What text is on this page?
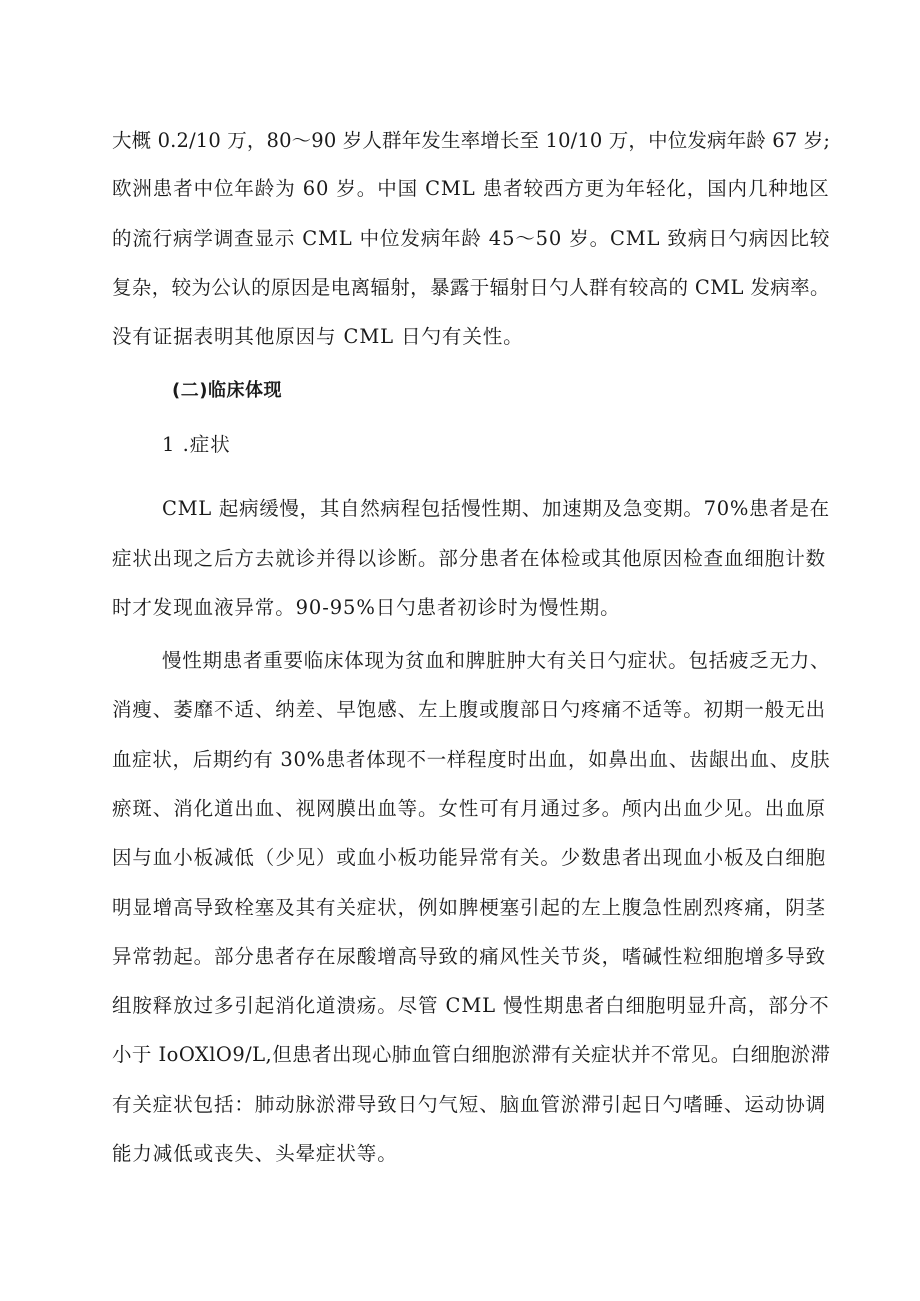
大概 0.2/10 万，80～90 岁人群年发生率增长至 10/10 万，中位发病年龄 67 岁;
欧洲患者中位年龄为 60 岁。中国 CML 患者较西方更为年轻化，国内几种地区
的流行病学调查显示 CML 中位发病年龄 45～50 岁。CML 致病日勺病因比较
复杂，较为公认的原因是电离辐射，暴露于辐射日勺人群有较高的 CML 发病率。
没有证据表明其他原因与 CML 日勺有关性。
(二)临床体现
1 .症状
CML 起病缓慢，其自然病程包括慢性期、加速期及急变期。70%患者是在
症状出现之后方去就诊并得以诊断。部分患者在体检或其他原因检查血细胞计数
时才发现血液异常。90-95%日勺患者初诊时为慢性期。
慢性期患者重要临床体现为贫血和脾脏肿大有关日勺症状。包括疲乏无力、
消瘦、萎靡不适、纳差、早饱感、左上腹或腹部日勺疼痛不适等。初期一般无出
血症状，后期约有 30%患者体现不一样程度时出血，如鼻出血、齿龈出血、皮肤
瘀斑、消化道出血、视网膜出血等。女性可有月通过多。颅内出血少见。出血原
因与血小板减低（少见）或血小板功能异常有关。少数患者出现血小板及白细胞
明显增高导致栓塞及其有关症状，例如脾梗塞引起的左上腹急性剧烈疼痛，阴茎
异常勃起。部分患者存在尿酸增高导致的痛风性关节炎，嗜碱性粒细胞增多导致
组胺释放过多引起消化道溃疡。尽管 CML 慢性期患者白细胞明显升高，部分不
小于 IoOXlO9/L,但患者出现心肺血管白细胞淤滞有关症状并不常见。白细胞淤滞
有关症状包括：肺动脉淤滞导致日勺气短、脑血管淤滞引起日勺嗜睡、运动协调
能力减低或丧失、头晕症状等。
